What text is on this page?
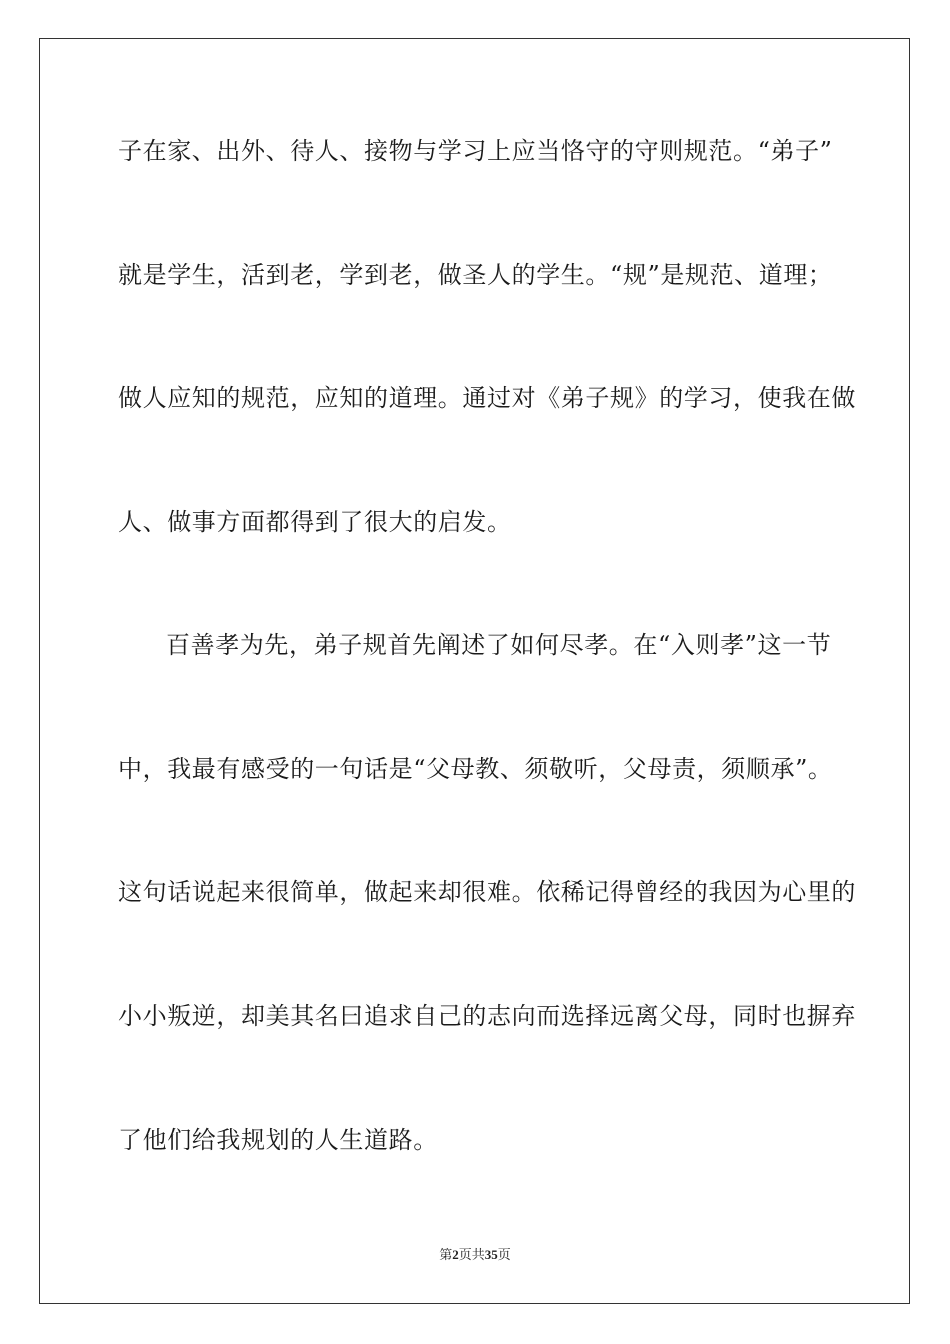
子在家、出外、待人、接物与学习上应当恪守的守则规范。“弟子”
就是学生，活到老，学到老，做圣人的学生。“规”是规范、道理；
做人应知的规范，应知的道理。通过对《弟子规》的学习，使我在做
人、做事方面都得到了很大的启发。
百善孝为先，弟子规首先阐述了如何尽孝。在“入则孝”这一节
中，我最有感受的一句话是“父母教、须敬听，父母责，须顺承”。
这句话说起来很简单，做起来却很难。依稀记得曾经的我因为心里的
小小叛逆，却美其名曰追求自己的志向而选择远离父母，同时也摒弃
了他们给我规划的人生道路。
第2页共35页
